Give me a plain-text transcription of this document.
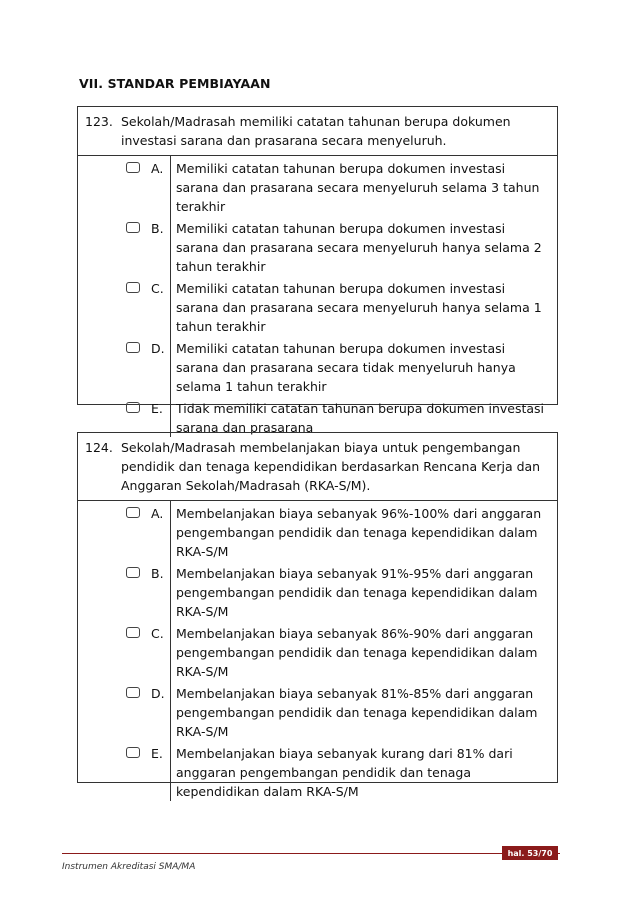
VII. STANDAR PEMBIAYAAN
123. Sekolah/Madrasah memiliki catatan tahunan berupa dokumen investasi sarana dan prasarana secara menyeluruh.
A.	Memiliki catatan tahunan berupa dokumen investasi sarana dan prasarana secara menyeluruh selama 3 tahun terakhir
B. Memiliki catatan tahunan berupa dokumen investasi sarana dan prasarana secara menyeluruh hanya selama 2 tahun terakhir
C. Memiliki catatan tahunan berupa dokumen investasi sarana dan prasarana secara menyeluruh hanya selama 1 tahun terakhir
D. Memiliki catatan tahunan berupa dokumen investasi sarana dan prasarana secara tidak menyeluruh hanya selama 1 tahun terakhir
E.	Tidak memiliki catatan tahunan berupa dokumen investasi sarana dan prasarana
124. Sekolah/Madrasah membelanjakan biaya untuk pengembangan pendidik dan tenaga kependidikan berdasarkan Rencana Kerja dan Anggaran Sekolah/Madrasah (RKA-S/M).
A.	Membelanjakan biaya sebanyak 96%-100% dari anggaran pengembangan pendidik dan tenaga kependidikan dalam RKA-S/M
B. Membelanjakan biaya sebanyak 91%-95% dari anggaran pengembangan pendidik dan tenaga kependidikan dalam RKA-S/M
C. Membelanjakan biaya sebanyak 86%-90% dari anggaran pengembangan pendidik dan tenaga kependidikan dalam RKA-S/M
D. Membelanjakan biaya sebanyak 81%-85% dari anggaran pengembangan pendidik dan tenaga kependidikan dalam RKA-S/M
E.	Membelanjakan biaya sebanyak kurang dari 81% dari anggaran pengembangan pendidik dan tenaga kependidikan dalam RKA-S/M
hal. 53/70
Instrumen Akreditasi SMA/MA
